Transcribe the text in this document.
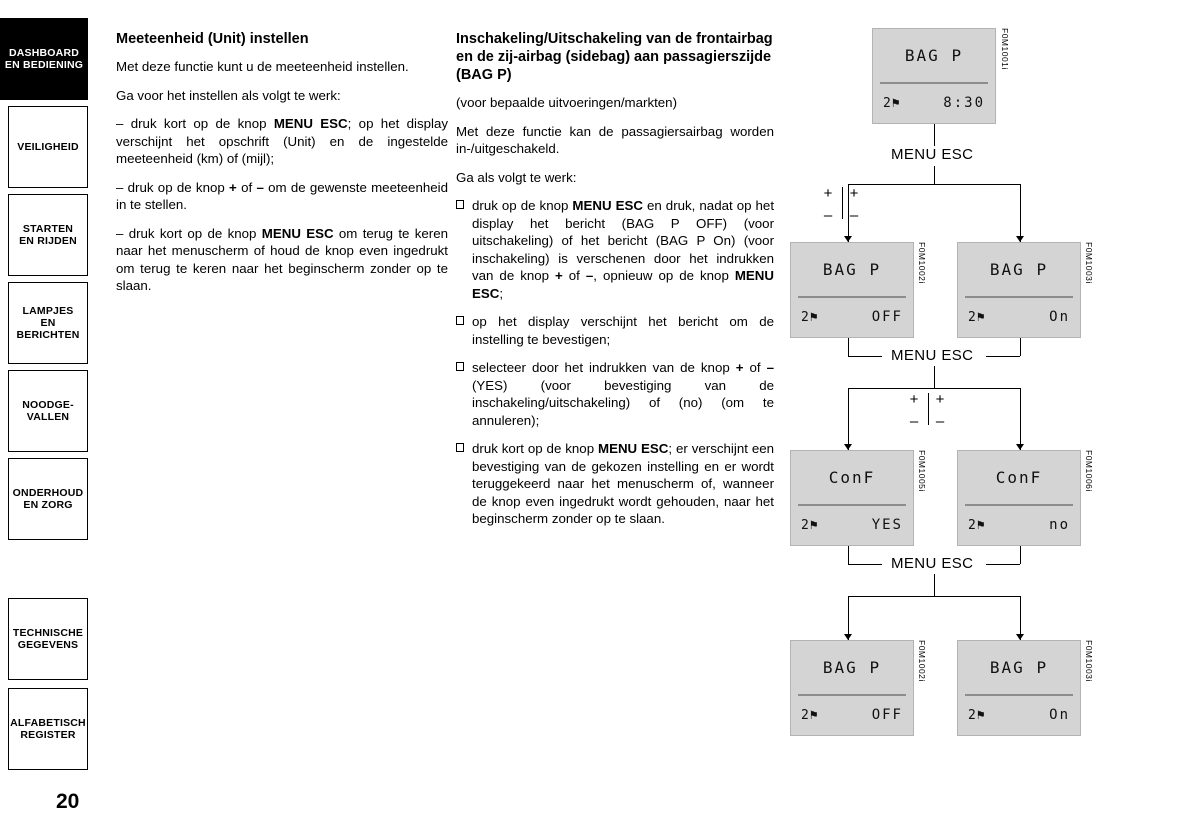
DASHBOARD
EN BEDIENING
VEILIGHEID
STARTEN
EN RIJDEN
LAMPJES
EN BERICHTEN
NOODGE-
VALLEN
ONDERHOUD
EN ZORG
TECHNISCHE
GEGEVENS
ALFABETISCH
REGISTER
20
Meeteenheid (Unit) instellen

Met deze functie kunt u de meeteenheid instellen.

Ga voor het instellen als volgt te werk:

– druk kort op de knop MENU ESC; op het display verschijnt het opschrift (Unit) en de ingestelde meeteenheid (km) of (mijl);

– druk op de knop + of – om de gewenste meeteenheid in te stellen.

– druk kort op de knop MENU ESC om terug te keren naar het menuscherm of houd de knop even ingedrukt om terug te keren naar het beginscherm zonder op te slaan.

Inschakeling/Uitschakeling van de frontairbag en de zij-airbag (sidebag) aan passagierszijde (BAG P)

(voor bepaalde uitvoeringen/markten)

Met deze functie kan de passagiersairbag worden in-/uitgeschakeld.

Ga als volgt te werk:

druk op de knop MENU ESC en druk, nadat op het display het bericht (BAG P OFF) (voor uitschakeling) of het bericht (BAG P On) (voor inschakeling) is verschenen door het indrukken van de knop + of –, opnieuw op de knop MENU ESC;
op het display verschijnt het bericht om de instelling te bevestigen;
selecteer door het indrukken van de knop + of – (YES) (voor bevestiging van de inschakeling/uitschakeling) of (no) (om te annuleren);
druk kort op de knop MENU ESC; er verschijnt een bevestiging van de gekozen instelling en er wordt teruggekeerd naar het menuscherm of, wanneer de knop even ingedrukt wordt gehouden, naar het beginscherm zonder op te slaan.
BAG P
2⚑	8:30
F0M1001i
MENU ESC
+
–
+
–
BAG P
2⚑	OFF
F0M1002i	BAG P
2⚑	On
F0M1003i
MENU ESC
+
–
+
–
ConF
2⚑	YES
F0M1005i	ConF
2⚑	no
F0M1006i
MENU ESC
BAG P
2⚑	OFF
F0M1002i	BAG P
2⚑	On
F0M1003i
